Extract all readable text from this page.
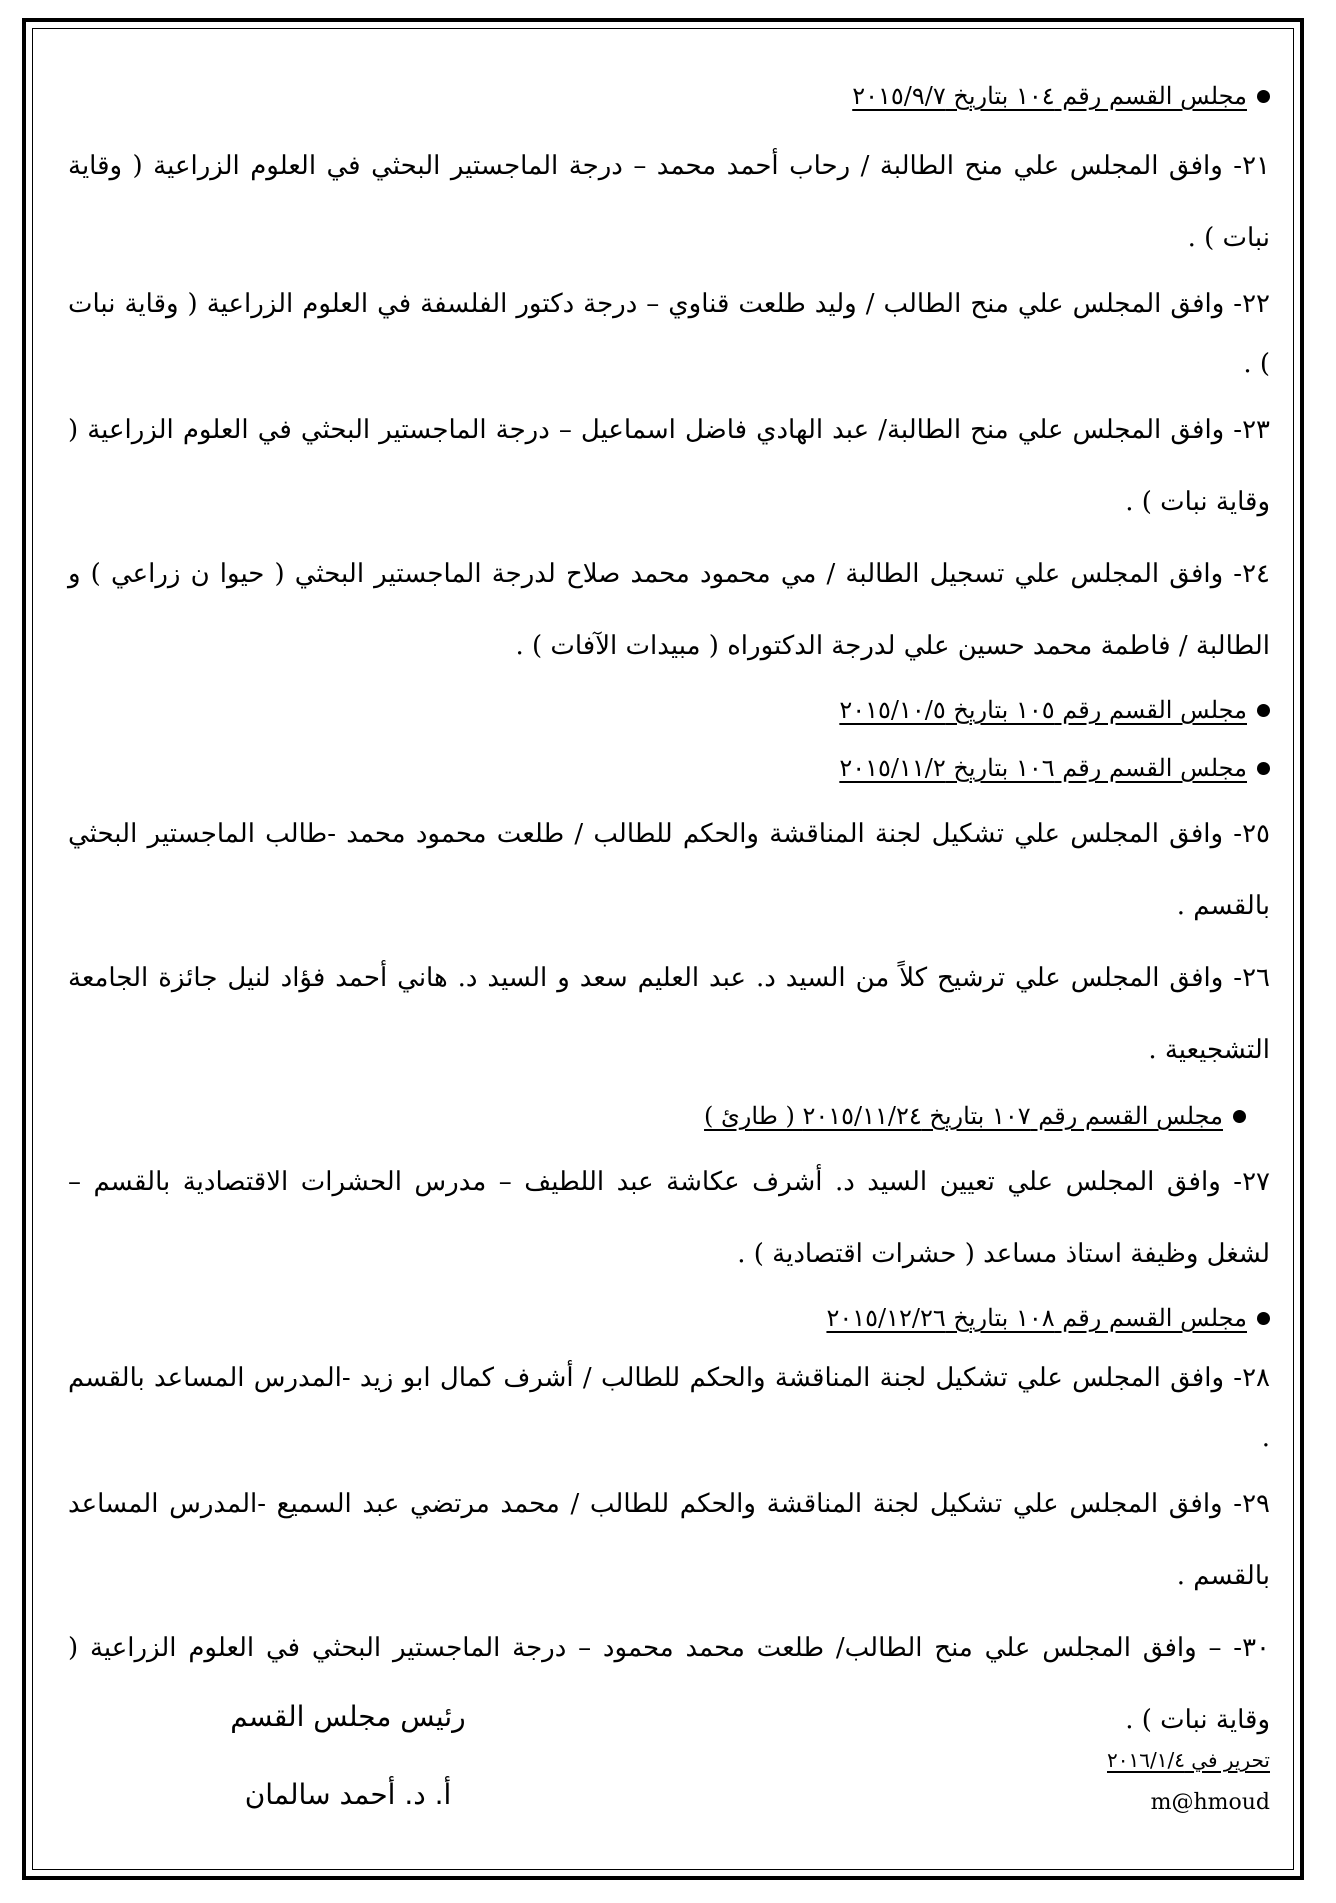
مجلس القسم رقم ١٠٤ بتاريخ ٢٠١٥/٩/٧

٢١- وافق المجلس علي منح الطالبة / رحاب أحمد محمد – درجة الماجستير البحثي في العلوم الزراعية ( وقاية نبات ) .

٢٢- وافق المجلس علي منح الطالب / وليد طلعت قناوي – درجة دكتور الفلسفة في العلوم الزراعية ( وقاية نبات ) .

٢٣- وافق المجلس علي منح الطالبة/ عبد الهادي فاضل اسماعيل – درجة الماجستير البحثي في العلوم الزراعية ( وقاية نبات ) .

٢٤- وافق المجلس علي تسجيل الطالبة / مي محمود محمد صلاح لدرجة الماجستير البحثي ( حيوا ن زراعي ) و الطالبة / فاطمة محمد حسين علي لدرجة الدكتوراه ( مبيدات الآفات ) .

مجلس القسم رقم ١٠٥ بتاريخ ٢٠١٥/١٠/٥
مجلس القسم رقم ١٠٦ بتاريخ ٢٠١٥/١١/٢

٢٥- وافق المجلس علي تشكيل لجنة المناقشة والحكم للطالب / طلعت محمود محمد -طالب الماجستير البحثي بالقسم .

٢٦- وافق المجلس علي ترشيح كلاً من السيد د. عبد العليم سعد و السيد د. هاني أحمد فؤاد لنيل جائزة الجامعة التشجيعية .

مجلس القسم رقم ١٠٧ بتاريخ ٢٠١٥/١١/٢٤ ( طارئ )

٢٧- وافق المجلس علي تعيين السيد د. أشرف عكاشة عبد اللطيف – مدرس الحشرات الاقتصادية بالقسم – لشغل وظيفة استاذ مساعد ( حشرات اقتصادية ) .

مجلس القسم رقم ١٠٨ بتاريخ ٢٠١٥/١٢/٢٦

٢٨- وافق المجلس علي تشكيل لجنة المناقشة والحكم للطالب / أشرف كمال ابو زيد -المدرس المساعد بالقسم .

٢٩- وافق المجلس علي تشكيل لجنة المناقشة والحكم للطالب / محمد مرتضي عبد السميع -المدرس المساعد بالقسم .

٣٠- – وافق المجلس علي منح الطالب/ طلعت محمد محمود – درجة الماجستير البحثي في العلوم الزراعية ( وقاية نبات ) .

رئيس مجلس القسم
أ. د. أحمد سالمان
تحرير في ٢٠١٦/١/٤
m@hmoud
